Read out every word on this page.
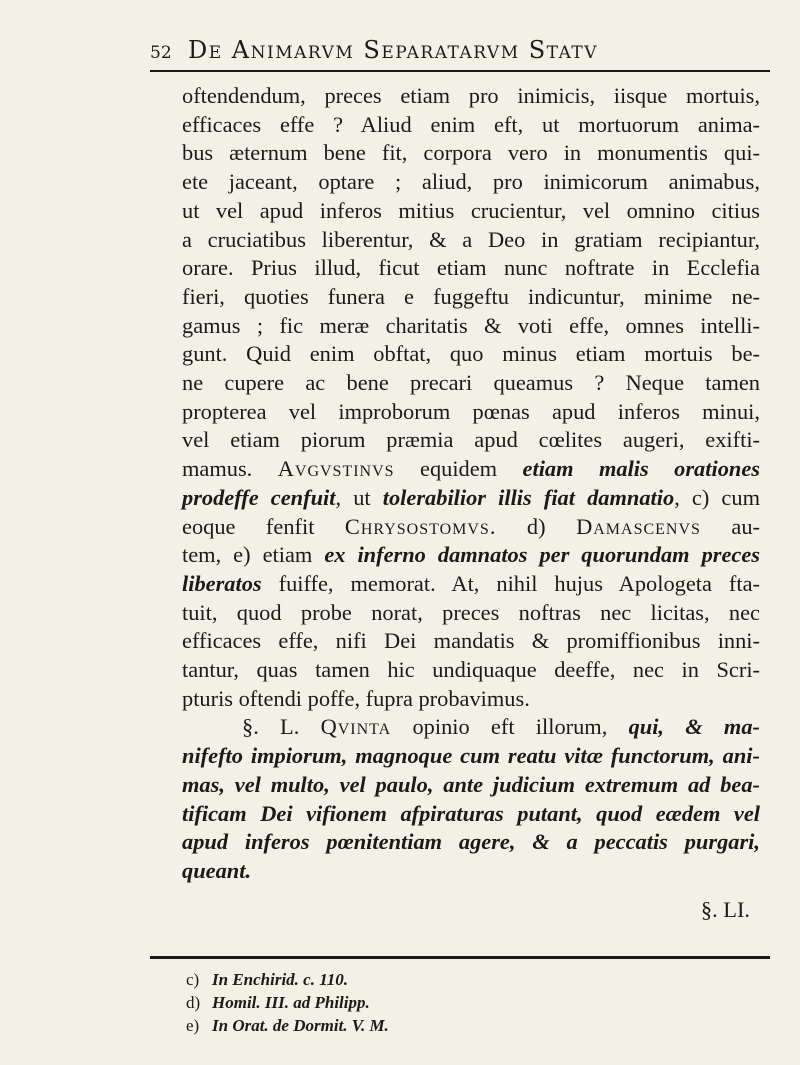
52 De Animarvm Separatarvm Statv
oftendendum, preces etiam pro inimicis, iisque mortuis,
efficaces effe ? Aliud enim eft, ut mortuorum anima-
bus æternum bene fit, corpora vero in monumentis qui-
ete jaceant, optare ; aliud, pro inimicorum animabus,
ut vel apud inferos mitius crucientur, vel omnino citius
a cruciatibus liberentur, & a Deo in gratiam recipiantur,
orare. Prius illud, ficut etiam nunc noftrate in Ecclefia
fieri, quoties funera e fuggeftu indicuntur, minime ne-
gamus ; fic meræ charitatis & voti effe, omnes intelli-
gunt. Quid enim obftat, quo minus etiam mortuis be-
ne cupere ac bene precari queamus ? Neque tamen
propterea vel improborum pœnas apud inferos minui,
vel etiam piorum præmia apud cœlites augeri, exifti-
mamus. Avgvstinvs equidem etiam malis orationes
prodeffe cenfuit, ut tolerabilior illis fiat damnatio, c) cum
eoque fenfit Chrysostomvs. d) Damascenvs au-
tem, e) etiam ex inferno damnatos per quorundam preces
liberatos fuiffe, memorat. At, nihil hujus Apologeta fta-
tuit, quod probe norat, preces noftras nec licitas, nec
efficaces effe, nifi Dei mandatis & promiffionibus inni-
tantur, quas tamen hic undiquaque deeffe, nec in Scri-
pturis oftendi poffe, fupra probavimus.
§. L. Qvinta opinio eft illorum, qui, & ma-
nifefto impiorum, magnoque cum reatu vitæ functorum, ani-
mas, vel multo, vel paulo, ante judicium extremum ad bea-
tificam Dei vifionem afpiraturas putant, quod eædem vel
apud inferos pœnitentiam agere, & a peccatis purgari,
queant.
§. LI.
c) In Enchirid. c. 110.
d) Homil. III. ad Philipp.
e) In Orat. de Dormit. V. M.
